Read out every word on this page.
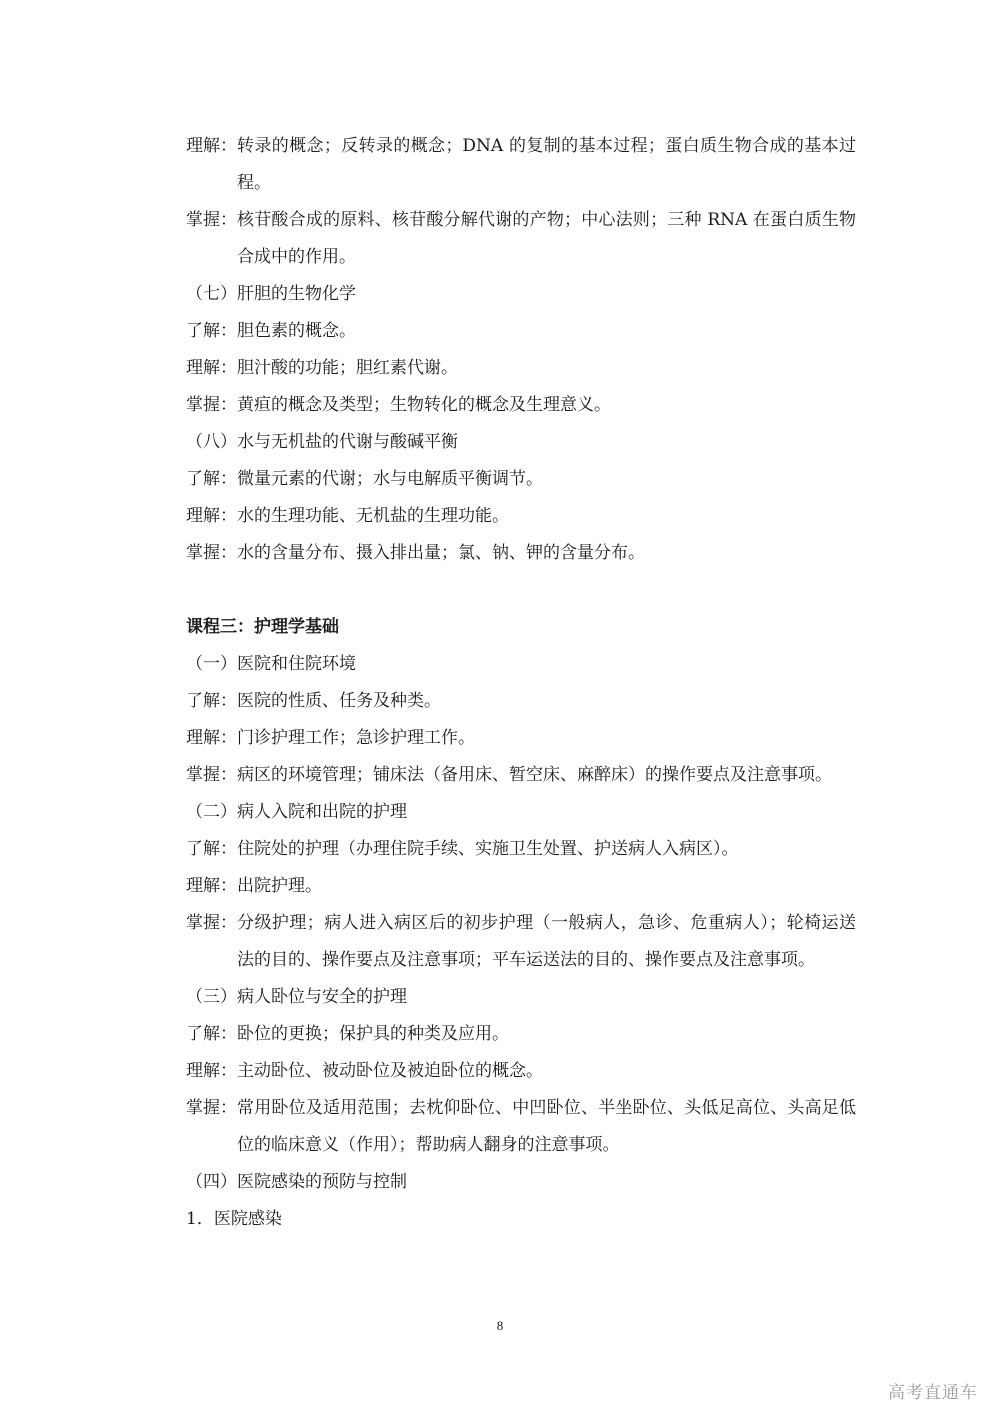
理解： 转录的概念；反转录的概念；DNA 的复制的基本过程；蛋白质生物合成的基本过程。
掌握： 核苷酸合成的原料、核苷酸分解代谢的产物；中心法则；三种 RNA 在蛋白质生物合成中的作用。
（七）肝胆的生物化学
了解： 胆色素的概念。
理解： 胆汁酸的功能；胆红素代谢。
掌握： 黄疸的概念及类型；生物转化的概念及生理意义。
（八）水与无机盐的代谢与酸碱平衡
了解： 微量元素的代谢；水与电解质平衡调节。
理解： 水的生理功能、无机盐的生理功能。
掌握： 水的含量分布、摄入排出量；氯、钠、钾的含量分布。
课程三：护理学基础
（一）医院和住院环境
了解： 医院的性质、任务及种类。
理解： 门诊护理工作；急诊护理工作。
掌握： 病区的环境管理；铺床法（备用床、暂空床、麻醉床）的操作要点及注意事项。
（二）病人入院和出院的护理
了解： 住院处的护理（办理住院手续、实施卫生处置、护送病人入病区）。
理解： 出院护理。
掌握： 分级护理；病人进入病区后的初步护理（一般病人，急诊、危重病人）；轮椅运送法的目的、操作要点及注意事项；平车运送法的目的、操作要点及注意事项。
（三）病人卧位与安全的护理
了解： 卧位的更换；保护具的种类及应用。
理解： 主动卧位、被动卧位及被迫卧位的概念。
掌握： 常用卧位及适用范围；去枕仰卧位、中凹卧位、半坐卧位、头低足高位、头高足低位的临床意义（作用）；帮助病人翻身的注意事项。
（四）医院感染的预防与控制
1．医院感染
8
高考直通车
